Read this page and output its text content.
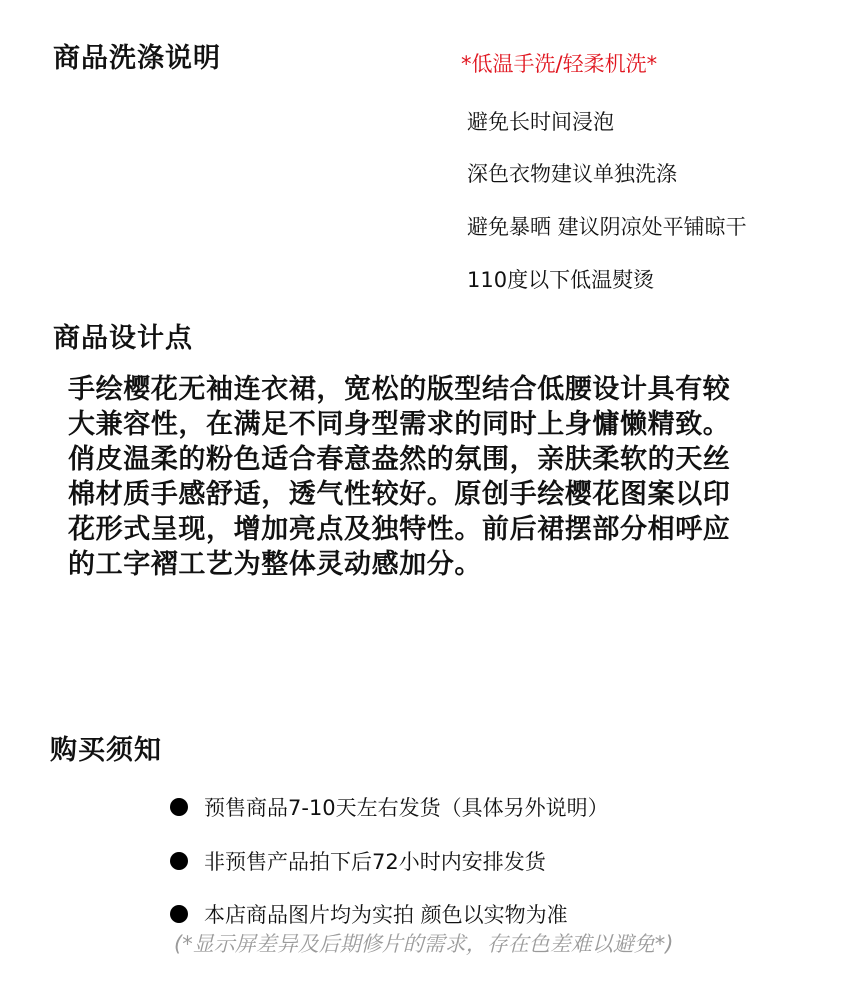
商品洗涤说明	*低温手洗/轻柔机洗*
避免长时间浸泡
深色衣物建议单独洗涤
避免暴晒 建议阴凉处平铺晾干
110度以下低温熨烫
商品设计点
手绘樱花无袖连衣裙，宽松的版型结合低腰设计具有较
大兼容性，在满足不同身型需求的同时上身慵懒精致。
俏皮温柔的粉色适合春意盎然的氛围，亲肤柔软的天丝
棉材质手感舒适，透气性较好。原创手绘樱花图案以印
花形式呈现，增加亮点及独特性。前后裙摆部分相呼应
的工字褶工艺为整体灵动感加分。
购买须知
预售商品7-10天左右发货（具体另外说明）
非预售产品拍下后72小时内安排发货
本店商品图片均为实拍 颜色以实物为准
(*显示屏差异及后期修片的需求，存在色差难以避免*)
